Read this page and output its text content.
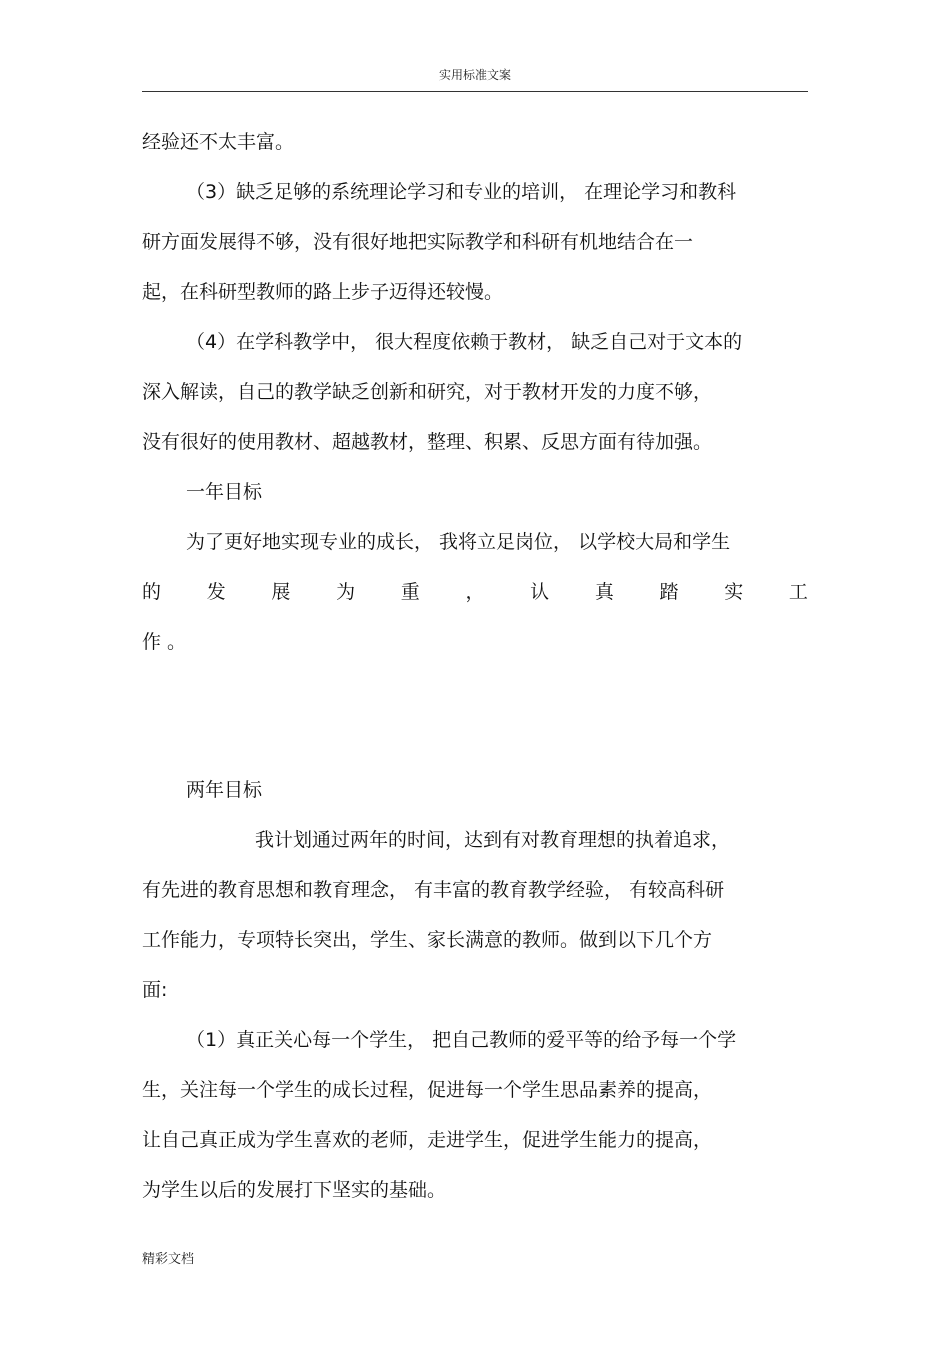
实用标准文案
经验还不太丰富。
（3）缺乏足够的系统理论学习和专业的培训， 在理论学习和教科
研方面发展得不够，没有很好地把实际教学和科研有机地结合在一
起，在科研型教师的路上步子迈得还较慢。
（4）在学科教学中， 很大程度依赖于教材， 缺乏自己对于文本的
深入解读，自己的教学缺乏创新和研究，对于教材开发的力度不够，
没有很好的使用教材、超越教材，整理、积累、反思方面有待加强。
一年目标
为了更好地实现专业的成长， 我将立足岗位， 以学校大局和学生
的 发 展 为 重 ， 认 真 踏 实 工
作 。
两年目标
我计划通过两年的时间，达到有对教育理想的执着追求，
有先进的教育思想和教育理念， 有丰富的教育教学经验， 有较高科研
工作能力，专项特长突出，学生、家长满意的教师。做到以下几个方
面:
（1）真正关心每一个学生， 把自己教师的爱平等的给予每一个学
生，关注每一个学生的成长过程，促进每一个学生思品素养的提高，
让自己真正成为学生喜欢的老师，走进学生，促进学生能力的提高，
为学生以后的发展打下坚实的基础。
精彩文档
